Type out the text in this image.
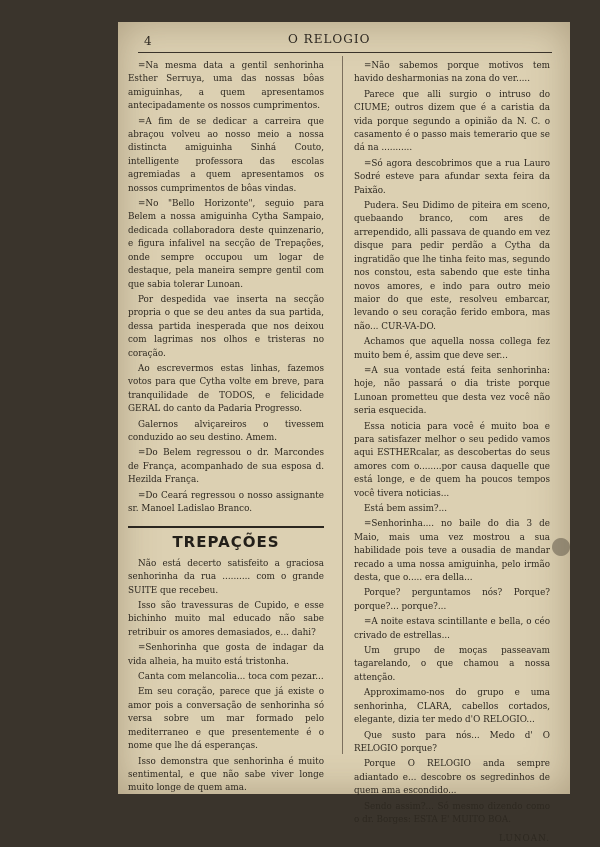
4	O RELOGIO

=Na mesma data a gentil senhorinha Esther Serruya, uma das nossas bôas amiguinhas, a quem apresentamos antecipadamente os nossos cumprimentos.

=A fim de se dedicar a carreira que abraçou volveu ao nosso meio a nossa distincta amiguinha Sinhá Couto, intelligente professora das escolas agremiadas a quem apresentamos os nossos cumprimentos de bôas vindas.

=No "Bello Horizonte", seguio para Belem a nossa amiguinha Cytha Sampaio, dedicada collaboradora deste quinzenario, e figura infalivel na secção de Trepações, onde sempre occupou um logar de destaque, pela maneira sempre gentil com que sabia tolerar Lunoan.

Por despedida vae inserta na secção propria o que se deu antes da sua partida, dessa partida inesperada que nos deixou com lagrimas nos olhos e tristeras no coração.

Ao escrevermos estas linhas, fazemos votos para que Cytha volte em breve, para tranquilidade de TODOS, e felicidade GERAL do canto da Padaria Progresso.

Galernos alviçareiros o tivessem conduzido ao seu destino. Amem.

=Do Belem regressou o dr. Marcondes de França, acompanhado de sua esposa d. Hezilda França.

=Do Ceará regressou o nosso assignante sr. Manoel Ladislao Branco.

TREPAÇÕES

Não está decerto satisfeito a graciosa senhorinha da rua .......... com o grande SUITE que recebeu.

Isso são travessuras de Cupido, e esse bichinho muito mal educado não sabe retribuir os amores demasiados, e... dahi?

=Senhorinha que gosta de indagar da vida alheia, ha muito está tristonha.

Canta com melancolia... toca com pezar...

Em seu coração, parece que já existe o amor pois a conversação de senhorinha só versa sobre um mar formado pelo mediterraneo e que presentemente é o nome que lhe dá esperanças.

Isso demonstra que senhorinha é muito sentimental, e que não sabe viver longe muito longe de quem ama.

=Não sabemos porque motivos tem havido desharmonias na zona do ver.....

Parece que alli surgio o intruso do CIUME; outros dizem que é a caristia da vida porque segundo a opinião da N. C. o casamento é o passo mais temerario que se dá na ...........

=Só agora descobrimos que a rua Lauro Sodré esteve para afundar sexta feira da Paixão.

Pudera. Seu Didimo de piteira em sceno, quebaando branco, com ares de arrependido, alli passava de quando em vez disque para pedir perdão a Cytha da ingratidão que lhe tinha feito mas, segundo nos constou, esta sabendo que este tinha novos amores, e indo para outro meio maior do que este, resolveu embarcar, levando o seu coração ferido embora, mas não... CUR-VA-DO.

Achamos que aquella nossa collega fez muito bem é, assim que deve ser...

=A sua vontade está feita senhorinha: hoje, não passará o dia triste porque Lunoan prometteu que desta vez você não seria esquecida.

Essa noticia para você é muito boa e para satisfazer melhor o seu pedido vamos aqui ESTHERcalar, as descobertas do seus amores com o........por causa daquelle que está longe, e de quem ha poucos tempos você tivera noticias...

Está bem assim?...

=Senhorinha.... no baile do dia 3 de Maio, mais uma vez mostrou a sua habilidade pois teve a ousadia de mandar recado a uma nossa amiguinha, pelo irmão desta, que o..... era della...

Porque? perguntamos nós? Porque? porque?... porque?...

=A noite estava scintillante e bella, o céo crivado de estrellas...

Um grupo de moças passeavam tagarelando, o que chamou a nossa attenção.

Approximamo-nos do grupo e uma senhorinha, CLARA, cabellos cortados, elegante, dizia ter medo d'O RELOGIO...

Que susto para nós... Medo d' O RELOGIO porque?

Porque O RELOGIO anda sempre adiantado e... descobre os segredinhos de quem ama escondido...

Sendo assim?... Só mesmo dizendo como o dr. Borges: ESTA E' MUITO BOA.

LUNOAN.
